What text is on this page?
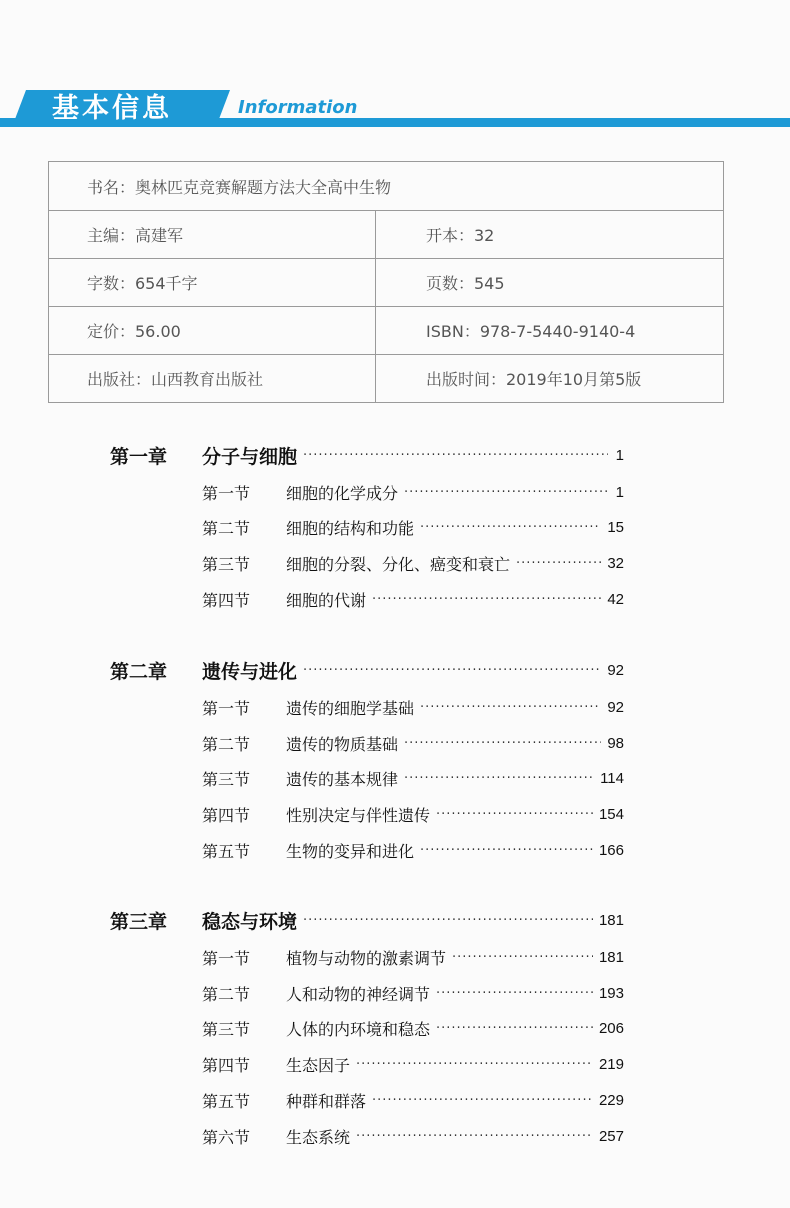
基本信息	Information
书名：奥林匹克竞赛解题方法大全高中生物	
主编：高建军	开本：32
字数：654千字	页数：545
定价：56.00	ISBN：978-7-5440-9140-4
出版社：山西教育出版社	出版时间：2019年10月第5版
第一章	分子与细胞 ·····	1
第一节	细胞的化学成分 ·····	1
第二节	细胞的结构和功能 ·····	15
第三节	细胞的分裂、分化、癌变和衰亡 ·····	32
第四节	细胞的代谢 ·····	42
第二章	遗传与进化 ·····	92
第一节	遗传的细胞学基础 ·····	92
第二节	遗传的物质基础 ·····	98
第三节	遗传的基本规律 ·····	114
第四节	性别决定与伴性遗传 ·····	154
第五节	生物的变异和进化 ·····	166
第三章	稳态与环境 ·····	181
第一节	植物与动物的激素调节 ·····	181
第二节	人和动物的神经调节 ·····	193
第三节	人体的内环境和稳态 ·····	206
第四节	生态因子 ·····	219
第五节	种群和群落 ·····	229
第六节	生态系统 ·····	257
